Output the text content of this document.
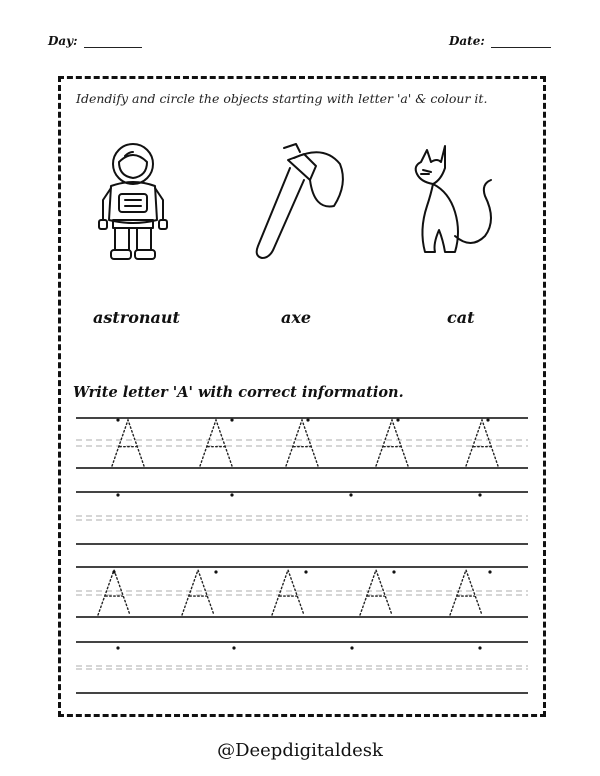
Day:	Date:
Idendify and circle the objects starting with letter 'a' & colour it.
astronaut	axe	cat
Write letter 'A' with correct information.
@Deepdigitaldesk
